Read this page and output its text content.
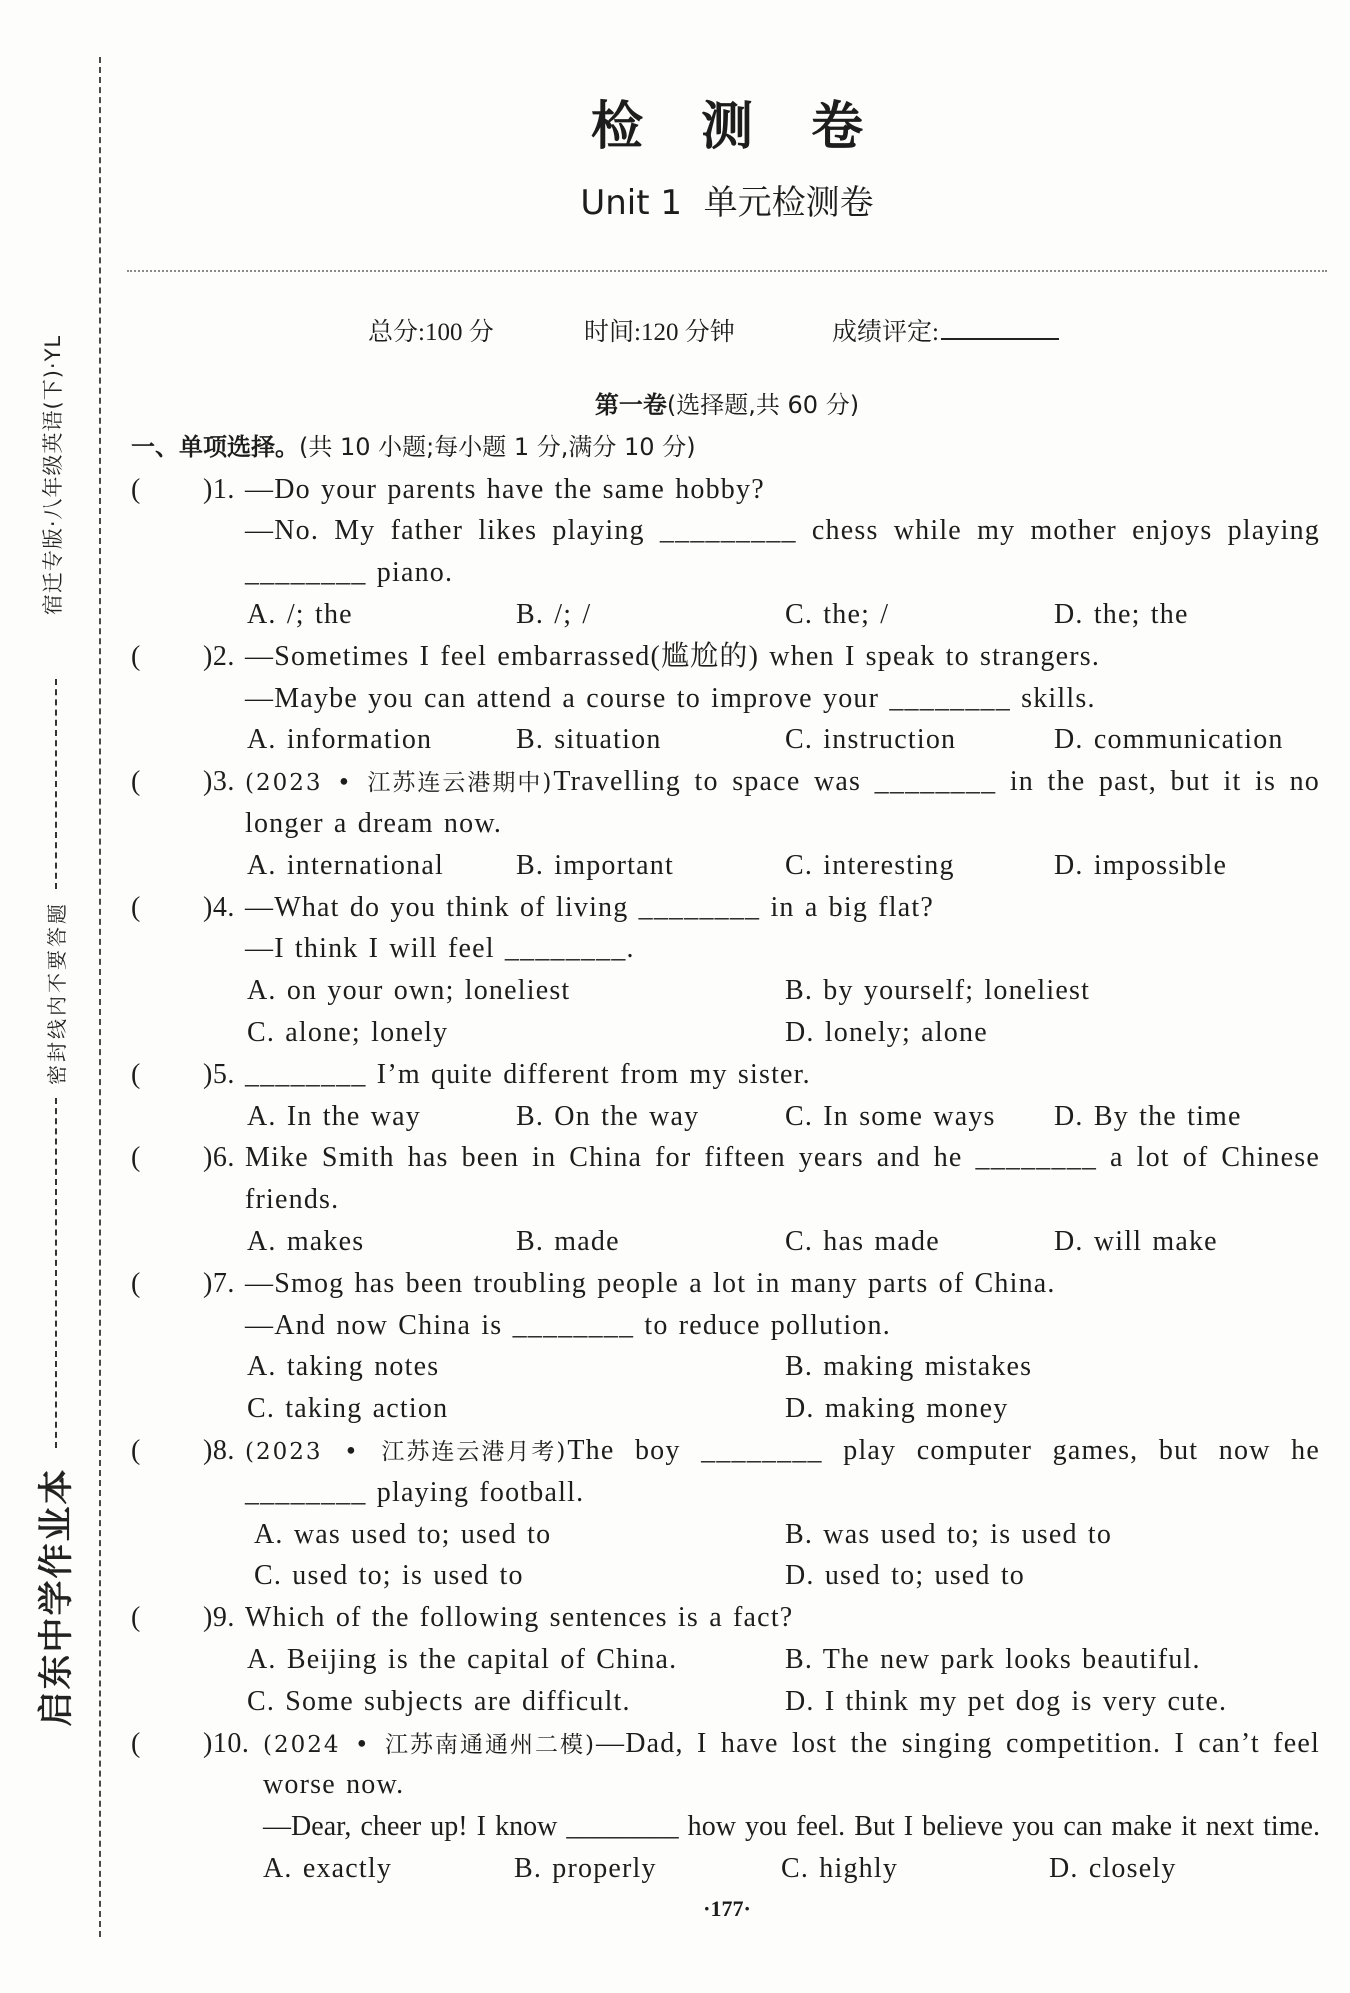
宿迁专版·八年级英语(下)·YL
密封线内不要答题
启东中学作业本
检 测 卷
Unit 1  单元检测卷
总分:100 分	时间:120 分钟	成绩评定:
第一卷(选择题,共 60 分)
一、单项选择。(共 10 小题;每小题 1 分,满分 10 分)
( )1. —Do your parents have the same hobby?
—No. My father likes playing _________ chess while my mother enjoys playing
________ piano.
A. /; the	B. /; /	C. the; /	D. the; the
( )2. —Sometimes I feel embarrassed(尴尬的) when I speak to strangers.
—Maybe you can attend a course to improve your ________ skills.
A. information	B. situation	C. instruction	D. communication
( )3. (2023 • 江苏连云港期中)Travelling to space was ________ in the past, but it is no
longer a dream now.
A. international	B. important	C. interesting	D. impossible
( )4. —What do you think of living ________ in a big flat?
—I think I will feel ________.
A. on your own; loneliest	B. by yourself; loneliest
C. alone; lonely	D. lonely; alone
( )5. ________ I’m quite different from my sister.
A. In the way	B. On the way	C. In some ways	D. By the time
( )6. Mike Smith has been in China for fifteen years and he ________ a lot of Chinese
friends.
A. makes	B. made	C. has made	D. will make
( )7. —Smog has been troubling people a lot in many parts of China.
—And now China is ________ to reduce pollution.
A. taking notes	B. making mistakes
C. taking action	D. making money
( )8. (2023 • 江苏连云港月考)The boy ________ play computer games, but now he
________ playing football.
A. was used to; used to	B. was used to; is used to
C. used to; is used to	D. used to; used to
( )9. Which of the following sentences is a fact?
A. Beijing is the capital of China.	B. The new park looks beautiful.
C. Some subjects are difficult.	D. I think my pet dog is very cute.
( )10. (2024 • 江苏南通通州二模)—Dad, I have lost the singing competition. I can’t feel
worse now.
—Dear, cheer up! I know ________ how you feel. But I believe you can make it next time.
A. exactly	B. properly	C. highly	D. closely
·177·
